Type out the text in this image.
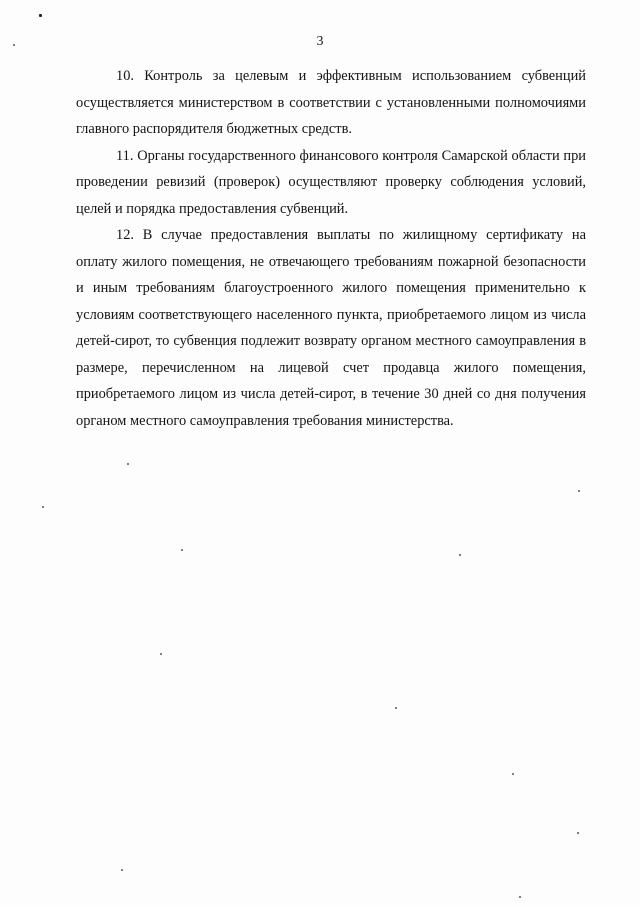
3

10. Контроль за целевым и эффективным использованием субвенций осуществляется министерством в соответствии с установленными полномочиями главного распорядителя бюджетных средств.

11. Органы государственного финансового контроля Самарской области при проведении ревизий (проверок) осуществляют проверку соблюдения условий, целей и порядка предоставления субвенций.

12. В случае предоставления выплаты по жилищному сертификату на оплату жилого помещения, не отвечающего требованиям пожарной безопасности и иным требованиям благоустроенного жилого помещения применительно к условиям соответствующего населенного пункта, приобретаемого лицом из числа детей-сирот, то субвенция подлежит возврату органом местного самоуправления в размере, перечисленном на лицевой счет продавца жилого помещения, приобретаемого лицом из числа детей-сирот, в течение 30 дней со дня получения органом местного самоуправления требования министерства.
